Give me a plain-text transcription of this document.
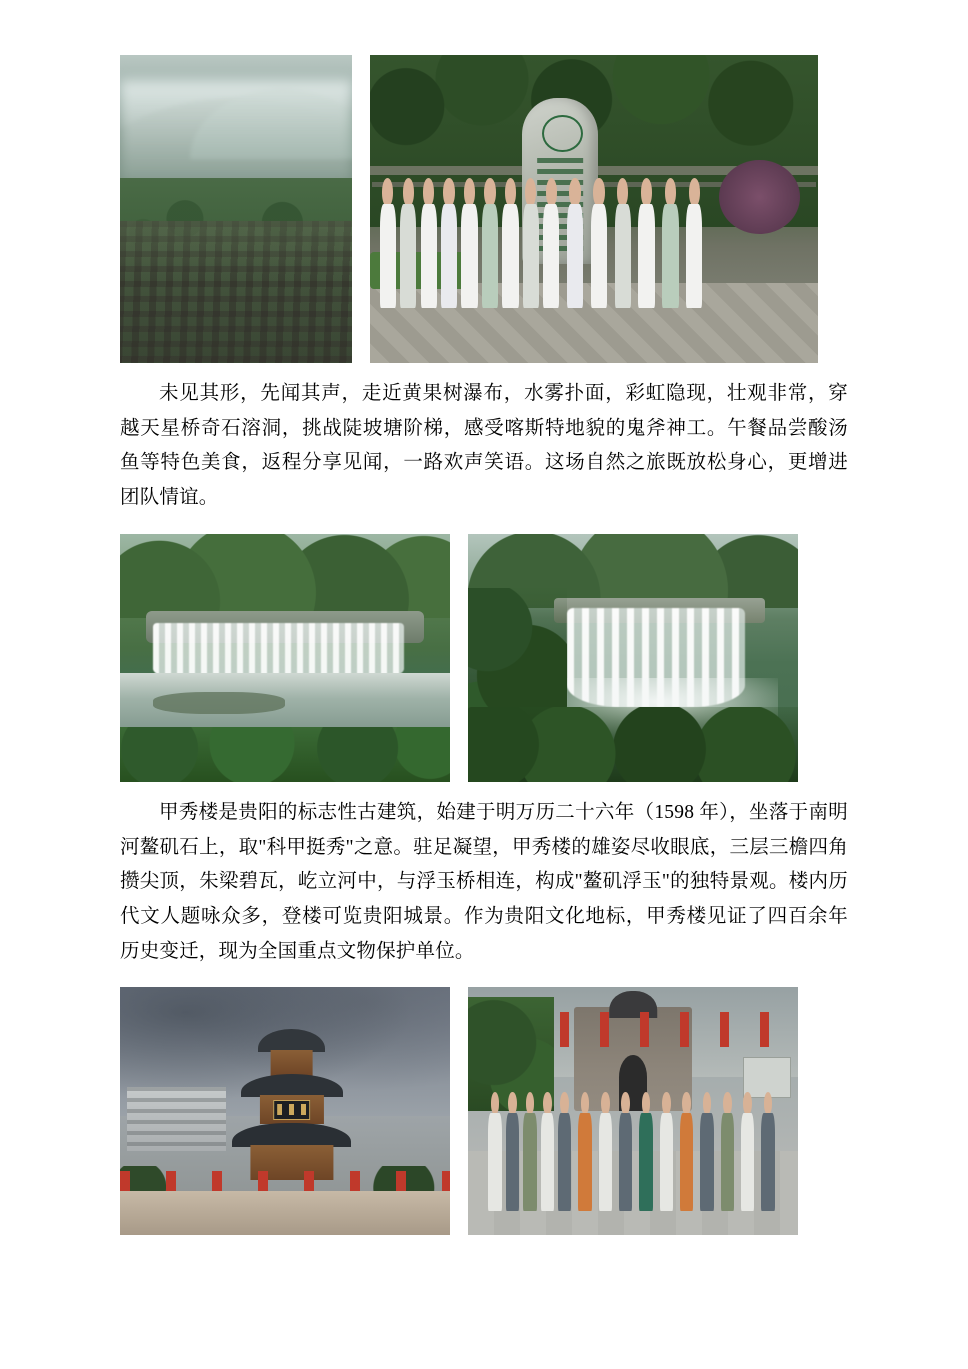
未见其形，先闻其声，走近黄果树瀑布，水雾扑面，彩虹隐现，壮观非常，穿越天星桥奇石溶洞，挑战陡坡塘阶梯，感受喀斯特地貌的鬼斧神工。午餐品尝酸汤鱼等特色美食，返程分享见闻，一路欢声笑语。这场自然之旅既放松身心，更增进团队情谊。

甲秀楼是贵阳的标志性古建筑，始建于明万历二十六年（1598 年），坐落于南明河鳌矶石上，取"科甲挺秀"之意。驻足凝望，甲秀楼的雄姿尽收眼底，三层三檐四角攒尖顶，朱梁碧瓦，屹立河中，与浮玉桥相连，构成"鳌矶浮玉"的独特景观。楼内历代文人题咏众多，登楼可览贵阳城景。作为贵阳文化地标，甲秀楼见证了四百余年历史变迁，现为全国重点文物保护单位。
